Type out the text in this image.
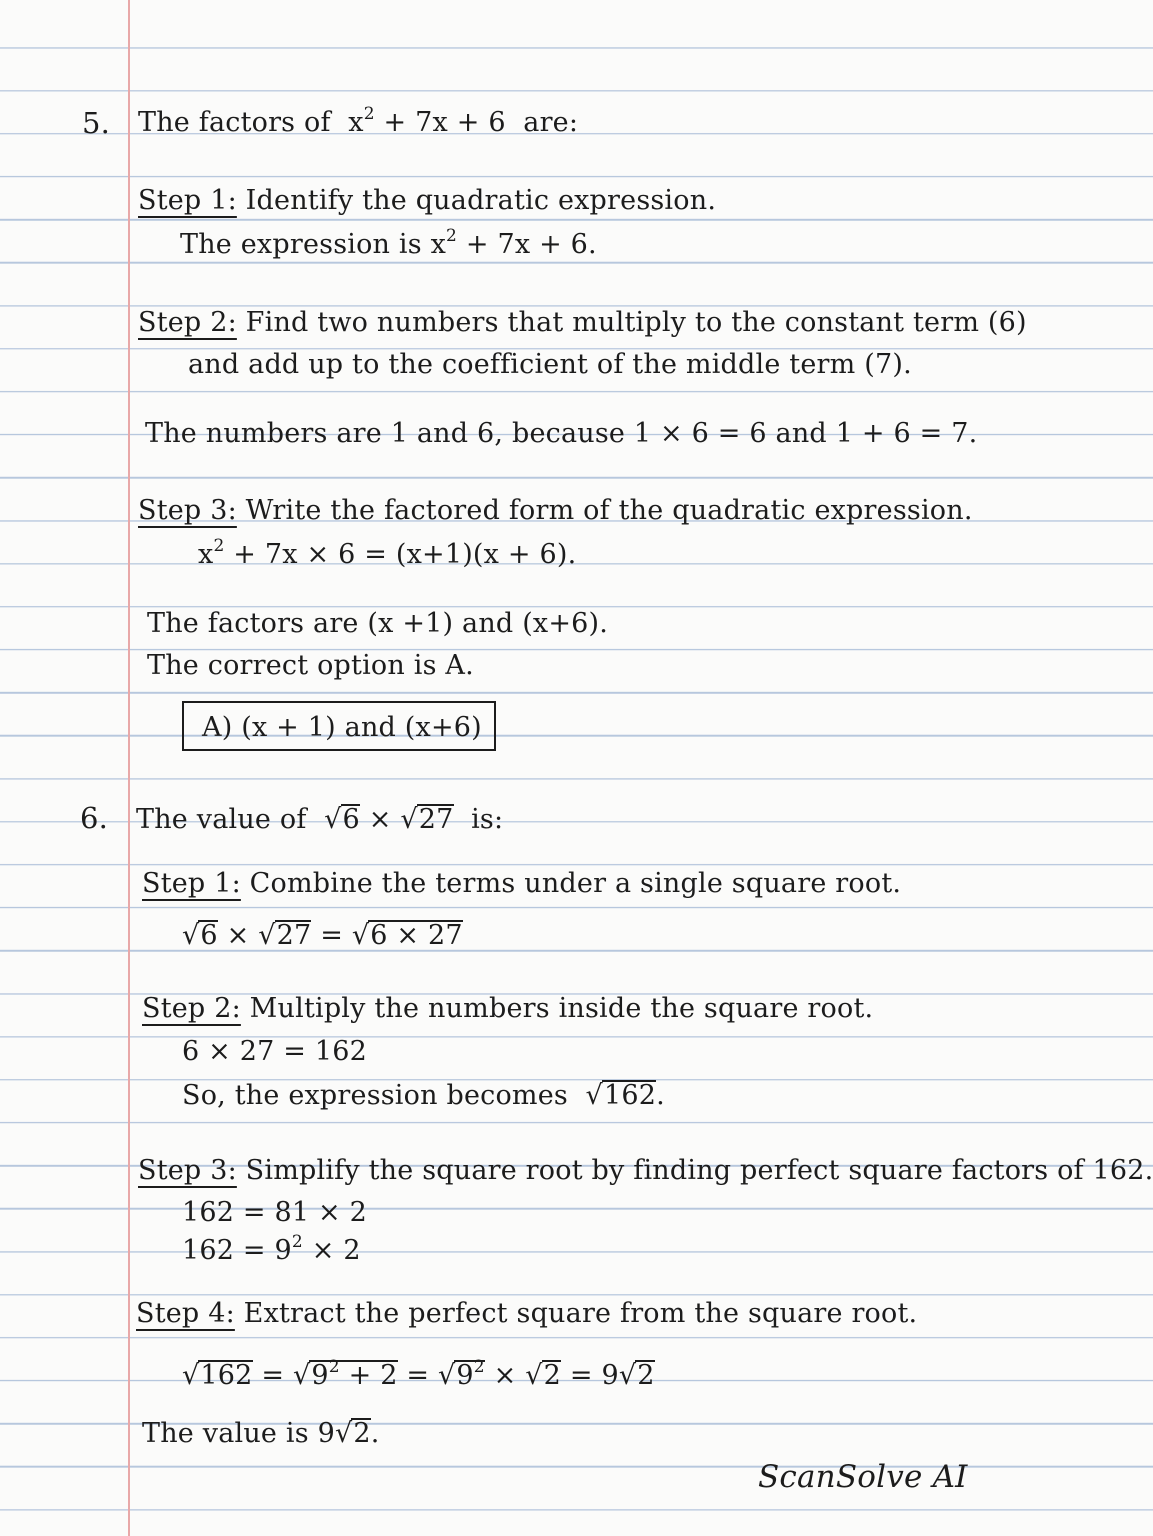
5. The factors of $x^2 + 7x + 6$ are:
Step 1: Identify the quadratic expression.
The expression is $x^2 + 7x + 6$.
Step 2: Find two numbers that multiply to the constant term (6)
and add up to the coefficient of the middle term (7).
The numbers are 1 and 6, because 1 × 6 = 6 and 1 + 6 = 7.
Step 3: Write the factored form of the quadratic expression.
$x^2 + 7x \times 6 = (x+1)(x + 6)$.
The factors are (x +1) and (x+6).
The correct option is A.
A) (x + 1) and (x+6)
6. The value of √6 × √27 is:
Step 1: Combine the terms under a single square root.
√6 × √27 = √6 × 27
Step 2: Multiply the numbers inside the square root.
6 × 27 = 162
So, the expression becomes √162.
Step 3: Simplify the square root by finding perfect square factors of 162.
162 = 81 × 2
$162 = 9^2 \times 2$
Step 4: Extract the perfect square from the square root.
$√162 = √9^2 + 2 = √9^2 \times √2 = 9√2$
The value is 9√2.
ScanSolve AI
